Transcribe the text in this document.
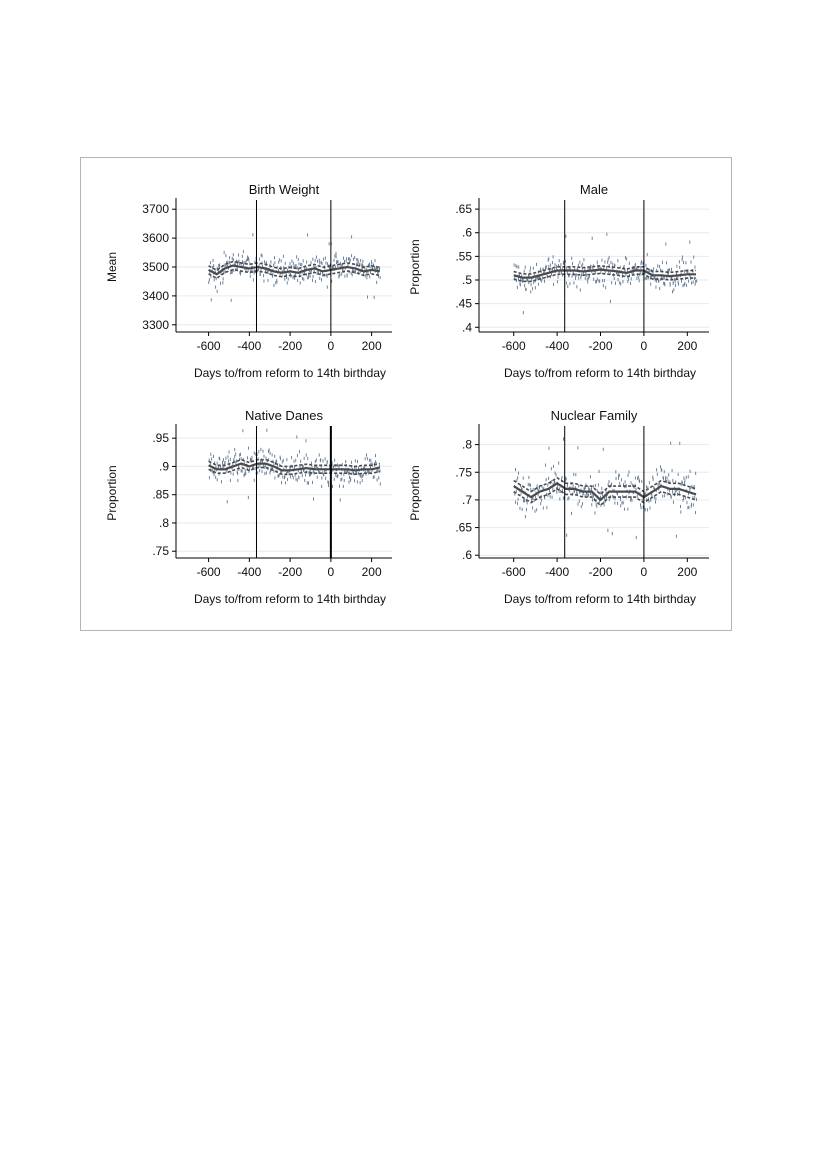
3300
3400
3500
3600
3700
-600 -400 -200 0 200
Birth Weight
Days to/from reform to 14th birthday
Mean
.4
.45
.5
.55
.6
.65
-600 -400 -200 0	200
Male
Days to/from reform to 14th birthday
Proportion
.75
.8
.85
.9
.95
-600 -400 -200 0 200
Native Danes
Days to/from reform to 14th birthday
Proportion
.6
.65
.7
.75
.8
-600 -400 -200 0	200
Nuclear Family
Days to/from reform to 14th birthday
Proportion
